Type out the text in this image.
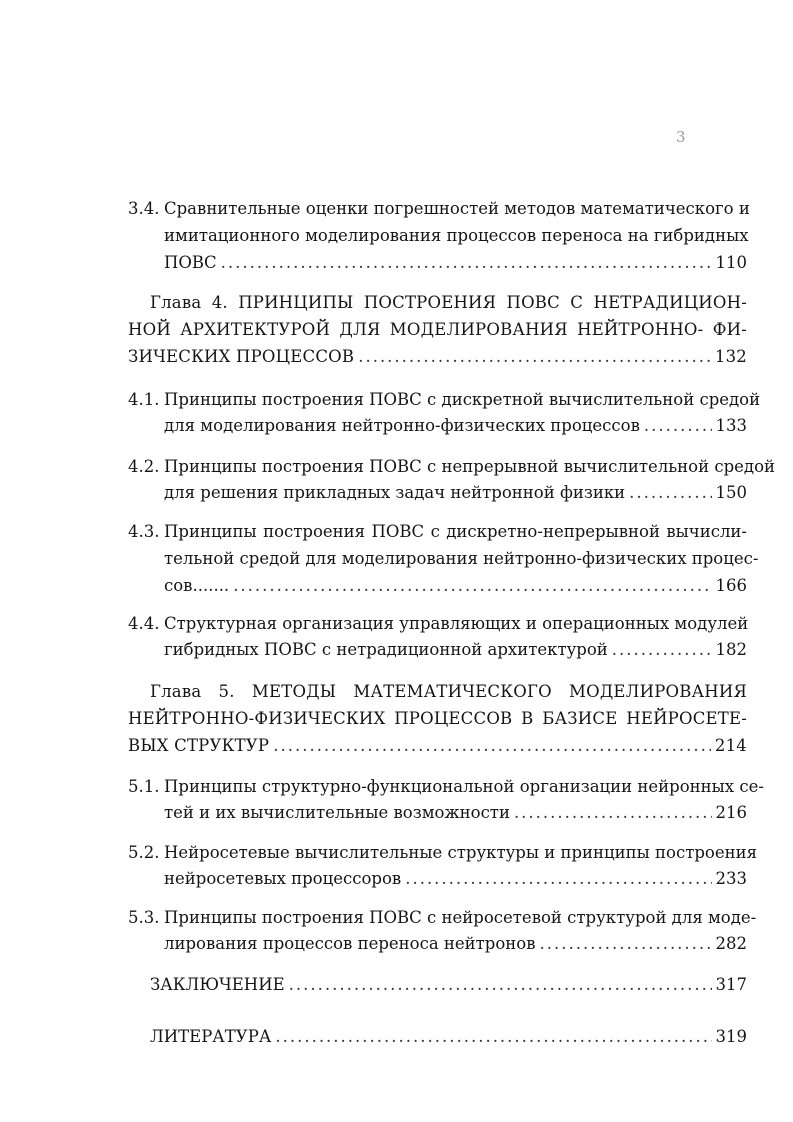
3
3.4. Сравнительные оценки погрешностей методов математического и
имитационного моделирования процессов переноса на гибридных
ПОВС .....	110
Глава 4. ПРИНЦИПЫ ПОСТРОЕНИЯ ПОВС С НЕТРАДИЦИОН-
НОЙ АРХИТЕКТУРОЙ ДЛЯ МОДЕЛИРОВАНИЯ НЕЙТРОННО- ФИ-
ЗИЧЕСКИХ ПРОЦЕССОВ .....	132
4.1. Принципы построения ПОВС с дискретной вычислительной средой
для моделирования нейтронно-физических процессов .....	133
4.2. Принципы построения ПОВС с непрерывной вычислительной средой
для решения прикладных задач нейтронной физики .....	150
4.3. Принципы построения ПОВС с дискретно-непрерывной вычисли-
тельной средой для моделирования нейтронно-физических процес-
сов....... .....	166
4.4. Структурная организация управляющих и операционных модулей
гибридных ПОВС с нетрадиционной архитектурой .....	182
Глава 5. МЕТОДЫ МАТЕМАТИЧЕСКОГО МОДЕЛИРОВАНИЯ
НЕЙТРОННО-ФИЗИЧЕСКИХ ПРОЦЕССОВ В БАЗИСЕ НЕЙРОСЕТЕ-
ВЫХ СТРУКТУР .....	214
5.1. Принципы структурно-функциональной организации нейронных се-
тей и их вычислительные возможности .....	216
5.2. Нейросетевые вычислительные структуры и принципы построения
нейросетевых процессоров .....	233
5.3. Принципы построения ПОВС с нейросетевой структурой для моде-
лирования процессов переноса нейтронов .....	282
ЗАКЛЮЧЕНИЕ .....	317
ЛИТЕРАТУРА .....	319
